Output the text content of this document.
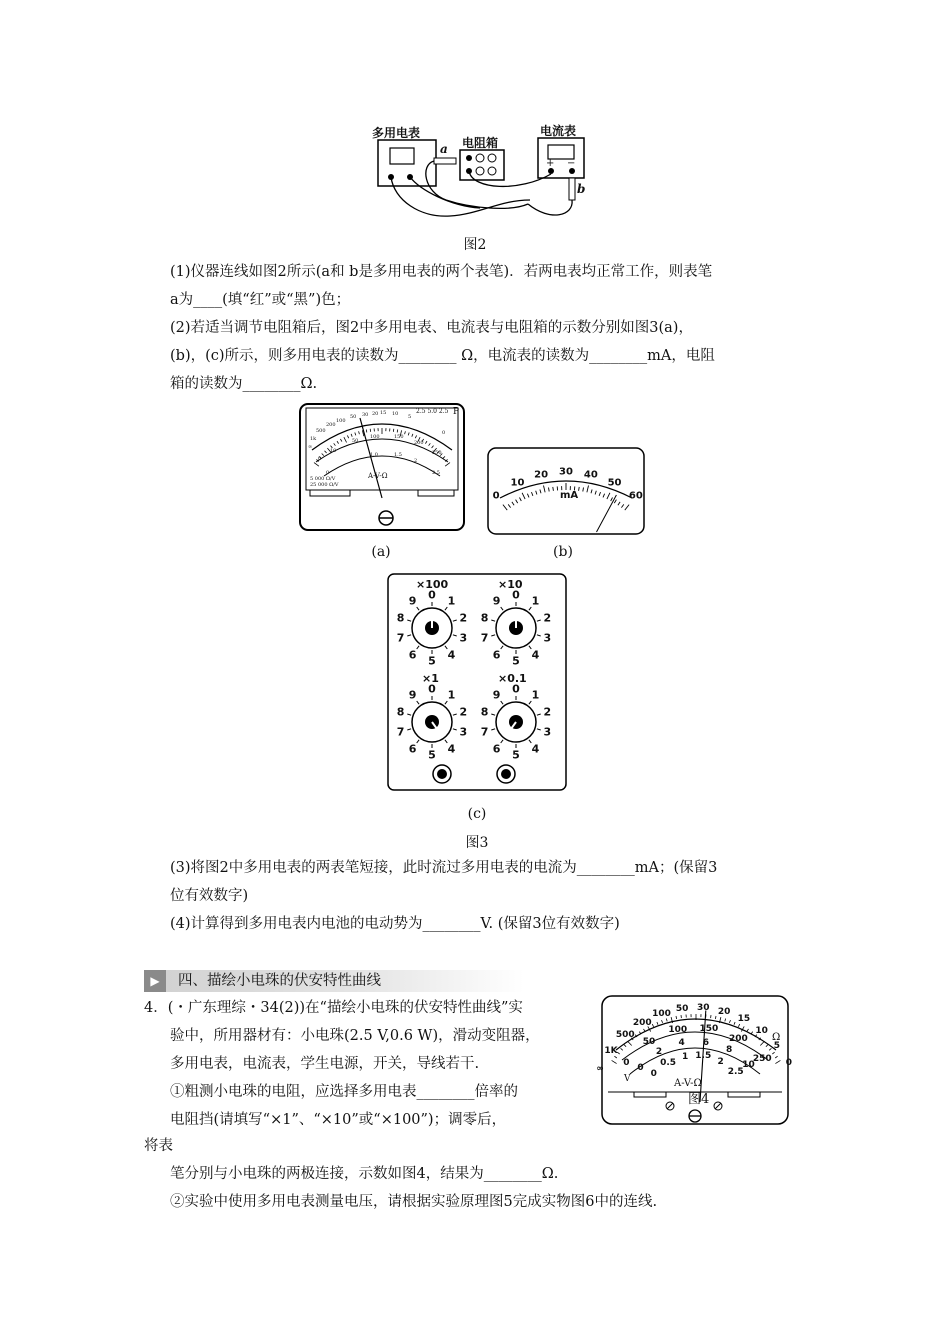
多用电表
电阻箱
电流表
a
b
+ −
图2
(1)仪器连线如图2所示(a和 b是多用电表的两个表笔)．若两电表均正常工作，则表笔
a为____(填“红”或“黑”)色；
(2)若适当调节电阻箱后，图2中多用电表、电流表与电阻箱的示数分别如图3(a)，
(b)，(c)所示，则多用电表的读数为________ Ω，电流表的读数为________mA，电阻
箱的读数为________Ω.
A-V-Ω
2.5 5.0 2.5 P
5 000 Ω/V
25 000 Ω/V
∞
1k
500
200
100
50 30 20 15 10 5
0
0
10
50
100	150
200
250
0
1.0	1.5
2
2.5
(a)
mA
0
10
20 30 40
50
60
(b)
×100	×10
×1	×0.1
0 1
2
3
4
5
6
7
8
9	0 1
2
3
4
5
6
7
8
9
0 1
2
3
4
5
6
7
8
9	0 1
2
3
4
5
6
7
8
9
(c)
图3
(3)将图2中多用电表的两表笔短接，此时流过多用电表的电流为________mA；(保留3
位有效数字)
(4)计算得到多用电表内电池的电动势为________V. (保留3位有效数字)
▶	四、描绘小电珠的伏安特性曲线
4．(・广东理综・34(2))在“描绘小电珠的伏安特性曲线”实
验中，所用器材有：小电珠(2.5 V,0.6 W)，滑动变阻器，
多用电表，电流表，学生电源，开关，导线若干.
①粗测小电珠的电阻，应选择多用电表________倍率的
电阻挡(请填写“×1”、“×10”或“×100”)；调零后，
将表
笔分别与小电珠的两极连接，示数如图4，结果为________Ω.
②实验中使用多用电表测量电压，请根据实验原理图5完成实物图6中的连线.
A-V-Ω
图4
Ω
V
∞
1K
500
200
100 50 30 20
15
10
5
0
0
50
100 150
200
250
0
2
4 6
8
10
0
0.5
1 1.5
2
2.5
